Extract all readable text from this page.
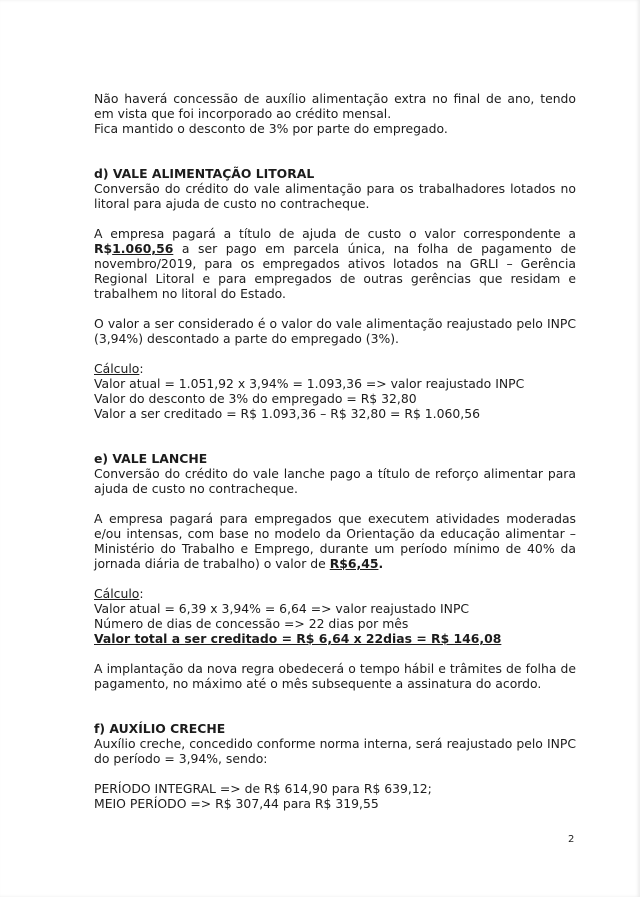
Não haverá concessão de auxílio alimentação extra no final de ano, tendo em vista que foi incorporado ao crédito mensal.

Fica mantido o desconto de 3% por parte do empregado.

d) VALE ALIMENTAÇÃO LITORAL

Conversão do crédito do vale alimentação para os trabalhadores lotados no litoral para ajuda de custo no contracheque.

A empresa pagará a título de ajuda de custo o valor correspondente a R$1.060,56 a ser pago em parcela única, na folha de pagamento de novembro/2019, para os empregados ativos lotados na GRLI – Gerência Regional Litoral e para empregados de outras gerências que residam e trabalhem no litoral do Estado.

O valor a ser considerado é o valor do vale alimentação reajustado pelo INPC (3,94%) descontado a parte do empregado (3%).

Cálculo:

Valor atual = 1.051,92 x 3,94% = 1.093,36 => valor reajustado INPC

Valor do desconto de 3% do empregado = R$ 32,80

Valor a ser creditado = R$ 1.093,36 – R$ 32,80 = R$ 1.060,56

e) VALE LANCHE

Conversão do crédito do vale lanche pago a título de reforço alimentar para ajuda de custo no contracheque.

A empresa pagará para empregados que executem atividades moderadas e/ou intensas, com base no modelo da Orientação da educação alimentar – Ministério do Trabalho e Emprego, durante um período mínimo de 40% da jornada diária de trabalho) o valor de R$6,45.

Cálculo:

Valor atual = 6,39 x 3,94% = 6,64 => valor reajustado INPC

Número de dias de concessão => 22 dias por mês

Valor total a ser creditado = R$ 6,64 x 22dias = R$ 146,08

A implantação da nova regra obedecerá o tempo hábil e trâmites de folha de pagamento, no máximo até o mês subsequente a assinatura do acordo.

f) AUXÍLIO CRECHE

Auxílio creche, concedido conforme norma interna, será reajustado pelo INPC do período = 3,94%, sendo:

PERÍODO INTEGRAL => de R$ 614,90 para R$ 639,12;

MEIO PERÍODO => R$ 307,44 para R$ 319,55

2
